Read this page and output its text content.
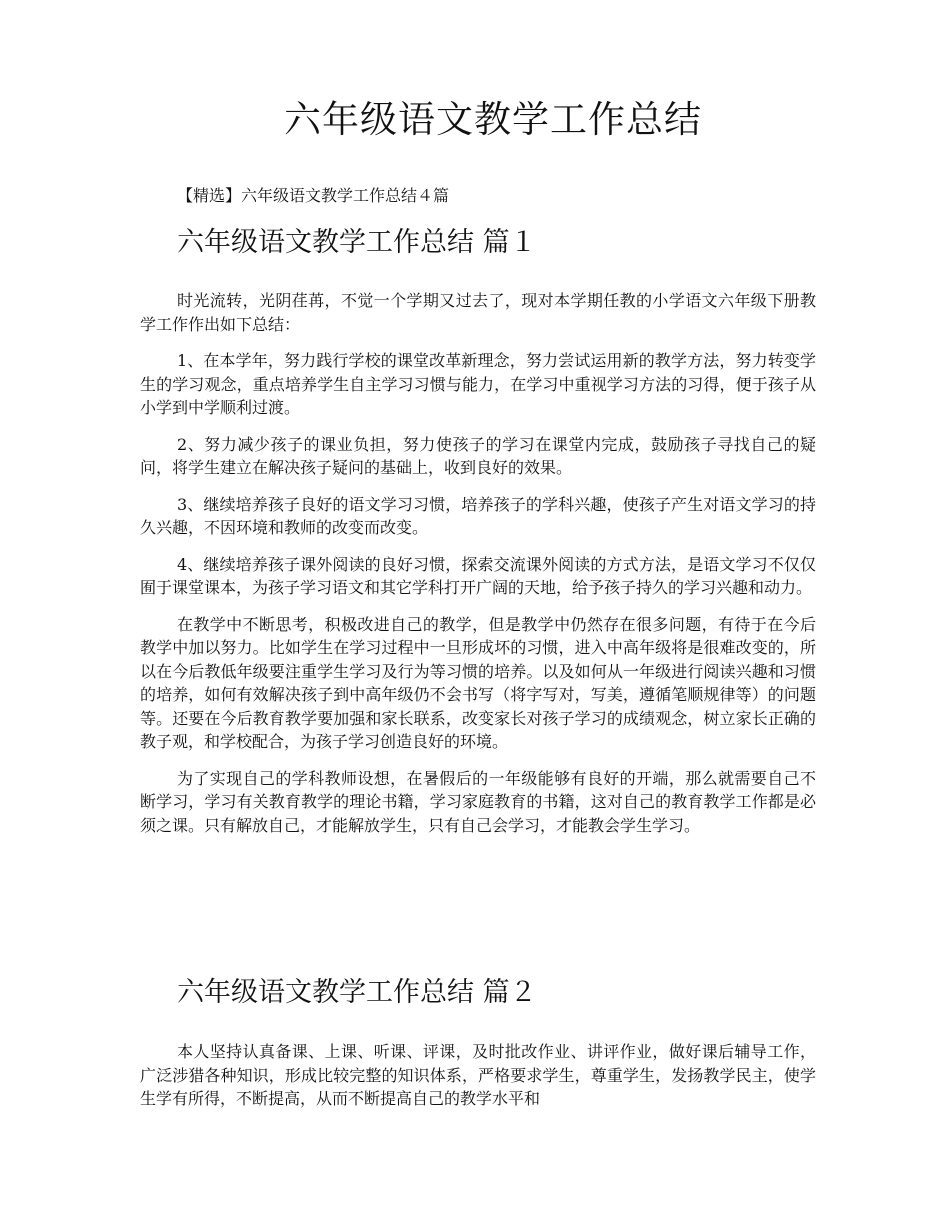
六年级语文教学工作总结

【精选】六年级语文教学工作总结４篇

六年级语文教学工作总结 篇１

时光流转，光阴荏苒，不觉一个学期又过去了，现对本学期任教的小学语文六年级下册教学工作作出如下总结：

1、在本学年，努力践行学校的课堂改革新理念，努力尝试运用新的教学方法，努力转变学生的学习观念，重点培养学生自主学习习惯与能力，在学习中重视学习方法的习得，便于孩子从小学到中学顺利过渡。

2、努力减少孩子的课业负担，努力使孩子的学习在课堂内完成，鼓励孩子寻找自己的疑问，将学生建立在解决孩子疑问的基础上，收到良好的效果。

3、继续培养孩子良好的语文学习习惯，培养孩子的学科兴趣，使孩子产生对语文学习的持久兴趣，不因环境和教师的改变而改变。

4、继续培养孩子课外阅读的良好习惯，探索交流课外阅读的方式方法，是语文学习不仅仅囿于课堂课本，为孩子学习语文和其它学科打开广阔的天地，给予孩子持久的学习兴趣和动力。

在教学中不断思考，积极改进自己的教学，但是教学中仍然存在很多问题，有待于在今后教学中加以努力。比如学生在学习过程中一旦形成坏的习惯，进入中高年级将是很难改变的，所以在今后教低年级要注重学生学习及行为等习惯的培养。以及如何从一年级进行阅读兴趣和习惯的培养，如何有效解决孩子到中高年级仍不会书写（将字写对，写美，遵循笔顺规律等）的问题等。还要在今后教育教学要加强和家长联系，改变家长对孩子学习的成绩观念，树立家长正确的教子观，和学校配合，为孩子学习创造良好的环境。

为了实现自己的学科教师设想，在暑假后的一年级能够有良好的开端，那么就需要自己不断学习，学习有关教育教学的理论书籍，学习家庭教育的书籍，这对自己的教育教学工作都是必须之课。只有解放自己，才能解放学生，只有自己会学习，才能教会学生学习。

六年级语文教学工作总结 篇２

本人坚持认真备课、上课、听课、评课，及时批改作业、讲评作业，做好课后辅导工作，广泛涉猎各种知识，形成比较完整的知识体系，严格要求学生，尊重学生，发扬教学民主，使学生学有所得，不断提高，从而不断提高自己的教学水平和
